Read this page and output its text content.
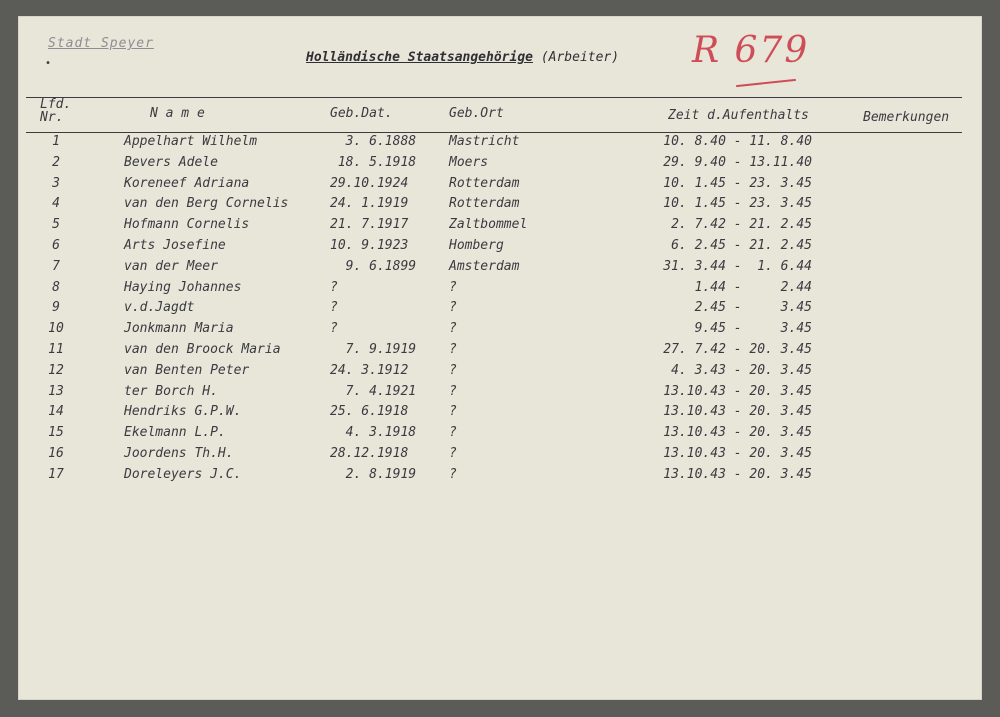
Stadt Speyer
•	Holländische Staatsangehörige (Arbeiter) R 679
Lfd.
Nr.	N a m e	Geb.Dat.	Geb.Ort	Zeit d.Aufenthalts	Bemerkungen
1	Appelhart Wilhelm	3. 6.1888	Mastricht	10. 8.40 - 11. 8.40
2	Bevers Adele	18. 5.1918	Moers	29. 9.40 - 13.11.40
3	Koreneef Adriana	29.10.1924	Rotterdam	10. 1.45 - 23. 3.45
4	van den Berg Cornelis	24. 1.1919	Rotterdam	10. 1.45 - 23. 3.45
5	Hofmann Cornelis	21. 7.1917	Zaltbommel	2. 7.42 - 21. 2.45
6	Arts Josefine	10. 9.1923	Homberg	6. 2.45 - 21. 2.45
7	van der Meer	9. 6.1899	Amsterdam	31. 3.44 -  1. 6.44
8	Haying Johannes	?	?	1.44 -     2.44
9	v.d.Jagdt	?	?	2.45 -     3.45
10	Jonkmann Maria	?	?	9.45 -     3.45
11	van den Broock Maria	7. 9.1919	?	27. 7.42 - 20. 3.45
12	van Benten Peter	24. 3.1912	?	4. 3.43 - 20. 3.45
13	ter Borch H.	7. 4.1921	?	13.10.43 - 20. 3.45
14	Hendriks G.P.W.	25. 6.1918	?	13.10.43 - 20. 3.45
15	Ekelmann L.P.	4. 3.1918	?	13.10.43 - 20. 3.45
16	Joordens Th.H.	28.12.1918	?	13.10.43 - 20. 3.45
17	Doreleyers J.C.	2. 8.1919	?	13.10.43 - 20. 3.45
